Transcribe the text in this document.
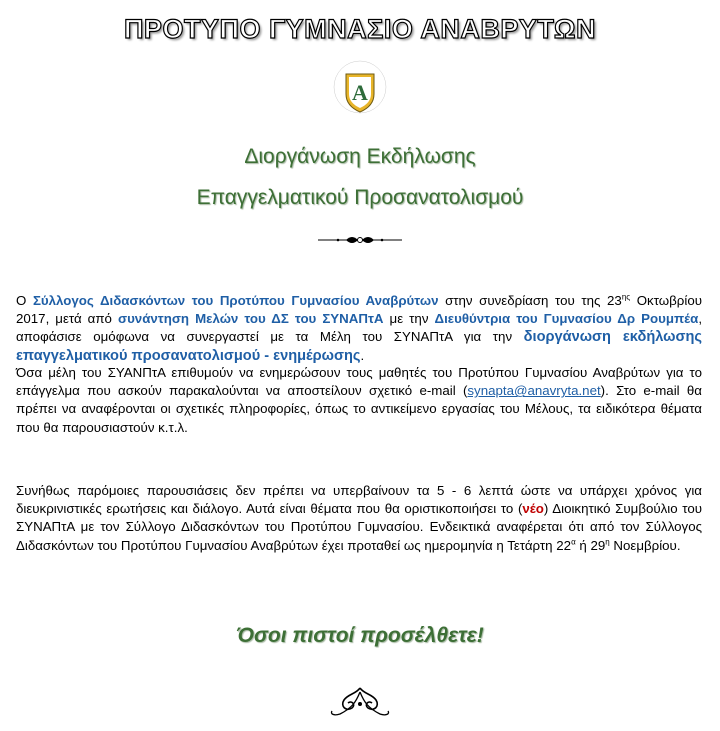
ΠΡΟΤΥΠΟ ΓΥΜΝΑΣΙΟ ΑΝΑΒΡΥΤΩΝ
Α
Διοργάνωση Εκδήλωσης
Επαγγελματικού Προσανατολισμού
Ο Σύλλογος Διδασκόντων του Προτύπου Γυμνασίου Αναβρύτων στην συνεδρίαση του της $23^{\eta\varsigma}$ Οκτωβρίου 2017, μετά από συνάντηση Μελών του ΔΣ του ΣΥΝΑΠτΑ με την Διευθύντρια του Γυμνασίου Δρ Ρουμπέα, αποφάσισε ομόφωνα να συνεργαστεί με τα Μέλη του ΣΥΝΑΠτΑ για την διοργάνωση εκδήλωσης επαγγελματικού προσανατολισμού - ενημέρωσης.
Όσα μέλη του ΣΥΑΝΠτΑ επιθυμούν να ενημερώσουν τους μαθητές του Προτύπου Γυμνασίου Αναβρύτων για το επάγγελμα που ασκούν παρακαλούνται να αποστείλουν σχετικό e-mail (synapta@anavryta.net). Στο e-mail θα πρέπει να αναφέρονται οι σχετικές πληροφορίες, όπως το αντικείμενο εργασίας του Μέλους, τα ειδικότερα θέματα που θα παρουσιαστούν κ.τ.λ.
Συνήθως παρόμοιες παρουσιάσεις δεν πρέπει να υπερβαίνουν τα 5 - 6 λεπτά ώστε να υπάρχει χρόνος για διευκρινιστικές ερωτήσεις και διάλογο. Αυτά είναι θέματα που θα οριστικοποιήσει το (νέο) Διοικητικό Συμβούλιο του ΣΥΝΑΠτΑ με τον Σύλλογο Διδασκόντων του Προτύπου Γυμνασίου. Ενδεικτικά αναφέρεται ότι από τον Σύλλογος Διδασκόντων του Προτύπου Γυμνασίου Αναβρύτων έχει προταθεί ως ημερομηνία η Τετάρτη $22^\alpha$ ή $29^\eta$ Νοεμβρίου.
Όσοι πιστοί προσέλθετε!
